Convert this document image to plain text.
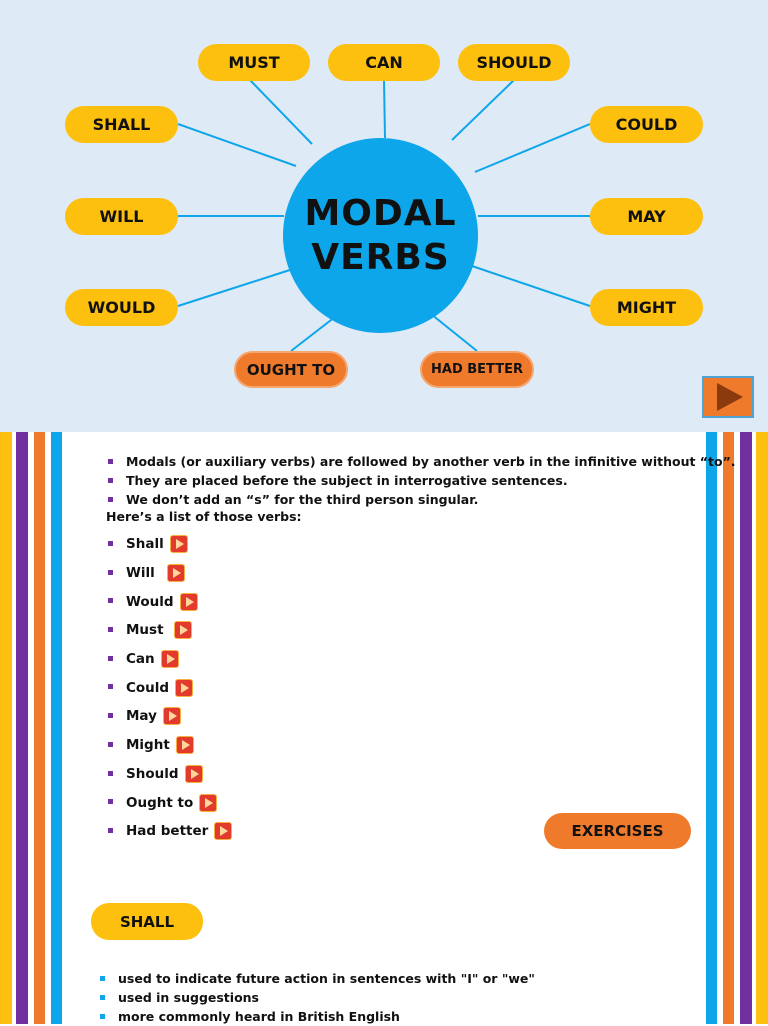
MODAL
VERBS
MUST	CAN	SHOULD
SHALL	COULD
WILL	MAY
WOULD	MIGHT
OUGHT TO	HAD BETTER
Modals (or auxiliary verbs) are followed by another verb in the infinitive without “to”.
They are placed before the subject in interrogative sentences.
We don’t add an “s” for the third person singular.
Here’s a list of those verbs:
Shall
Will
Would
Must
Can
Could
May
Might
Should
Ought to
Had better	EXERCISES
SHALL
used to indicate future action in sentences with "I" or "we"
used in suggestions
more commonly heard in British English
